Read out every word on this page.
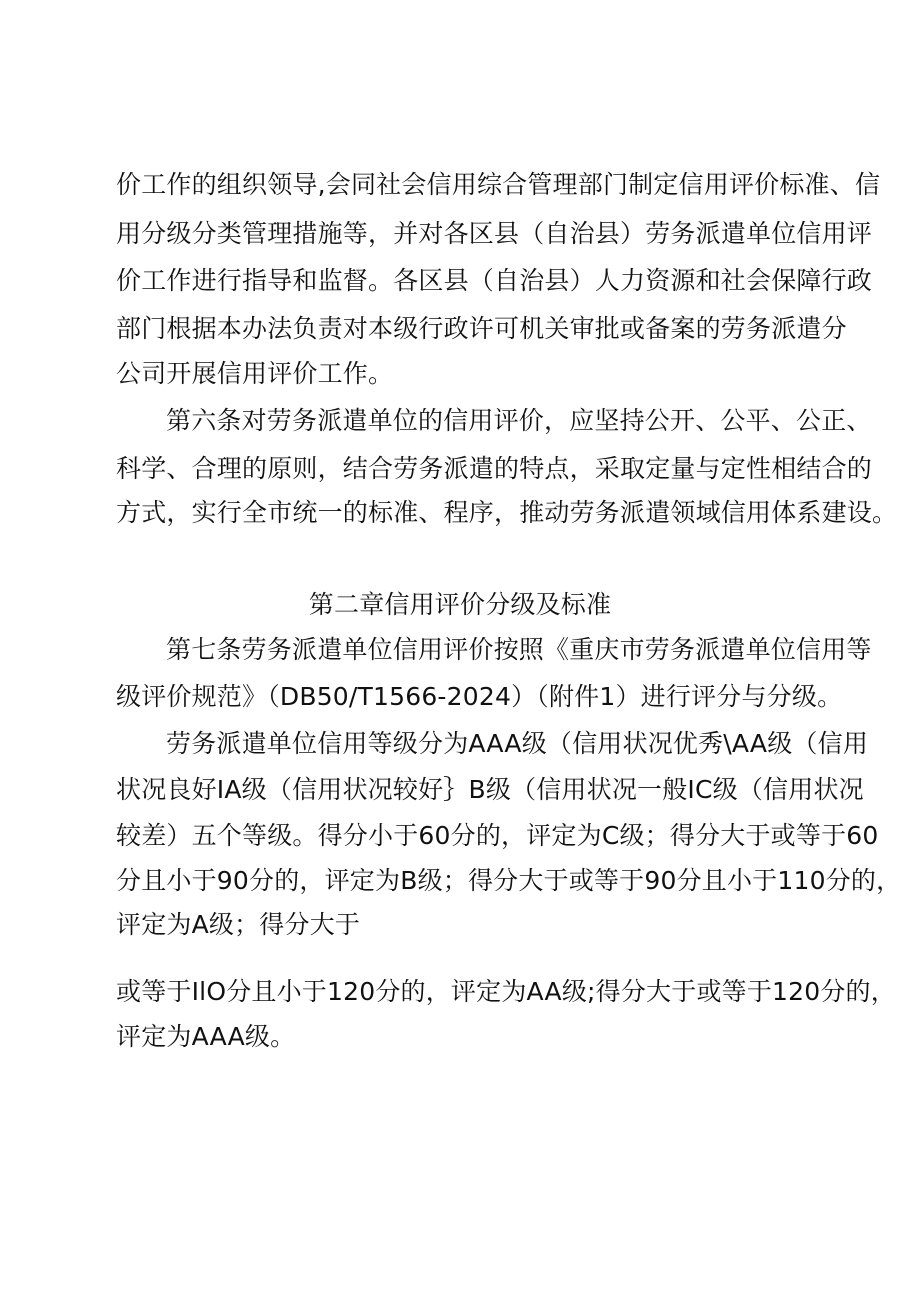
价工作的组织领导,会同社会信用综合管理部门制定信用评价标准、信
用分级分类管理措施等，并对各区县（自治县）劳务派遣单位信用评
价工作进行指导和监督。各区县（自治县）人力资源和社会保障行政
部门根据本办法负责对本级行政许可机关审批或备案的劳务派遣分
公司开展信用评价工作。
第六条对劳务派遣单位的信用评价，应坚持公开、公平、公正、
科学、合理的原则，结合劳务派遣的特点，采取定量与定性相结合的
方式，实行全市统一的标准、程序，推动劳务派遣领域信用体系建设。
第二章信用评价分级及标准
第七条劳务派遣单位信用评价按照《重庆市劳务派遣单位信用等
级评价规范》（DB50/T1566-2024）（附件1）进行评分与分级。
劳务派遣单位信用等级分为AAA级（信用状况优秀\AA级（信用
状况良好IA级（信用状况较好｝B级（信用状况一般IC级（信用状况
较差）五个等级。得分小于60分的，评定为C级；得分大于或等于60
分且小于90分的，评定为B级；得分大于或等于90分且小于110分的，
评定为A级；得分大于
或等于IlO分且小于120分的，评定为AA级;得分大于或等于120分的，
评定为AAA级。
